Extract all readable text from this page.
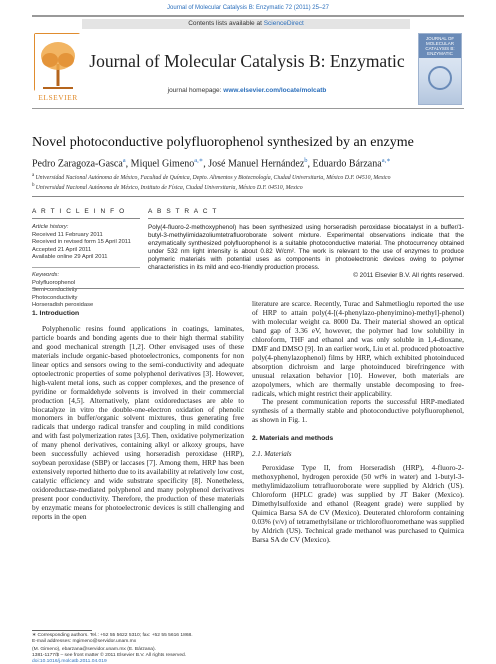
Journal of Molecular Catalysis B: Enzymatic 72 (2011) 25–27
ELSEVIER
Contents lists available at ScienceDirect
Journal of Molecular Catalysis B: Enzymatic
journal homepage: www.elsevier.com/locate/molcatb
JOURNAL OF MOLECULAR CATALYSIS B: ENZYMATIC
Novel photoconductive polyfluorophenol synthesized by an enzyme
Pedro Zaragoza-Gasca$^a$, Miquel Gimeno$^{a,∗}$, José Manuel Hernández$^b$, Eduardo Bárzana$^{a,∗}$
a Universidad Nacional Autónoma de México, Facultad de Química, Depto. Alimentos y Biotecnología, Ciudad Universitaria, México D.F. 04510, Mexico
b Universidad Nacional Autónoma de México, Instituto de Física, Ciudad Universitaria, México D.F. 04510, Mexico
A R T I C L E I N F O	A B S T R A C T
Article history:
Received 11 February 2011
Received in revised form 15 April 2011
Accepted 21 April 2011
Available online 29 April 2011
Keywords:
Polyfluorophenol
Semi-conductivity
Photoconductivity
Horseradish peroxidase
Poly(4-fluoro-2-methoxyphenol) has been synthesized using horseradish peroxidase biocatalyst in a buffer/1-butyl-3-methylimidazoliumtetrafluoroborate solvent mixture. Experimental observations indicate that the enzymatically synthesized polyfluorophenol is a suitable photoconductive material. The photocurrency obtained under 532 nm light intensity is about 0.82 W/cm². The work is relevant to the use of enzymes to produce polymeric materials with potential uses as components in photoelectronic devices owing to polymer characteristics in its mild and eco-friendly production process.
© 2011 Elsevier B.V. All rights reserved.
1. Introduction

Polyphenolic resins found applications in coatings, laminates, particle boards and bonding agents due to their high thermal stability and good mechanical strength [1,2]. Other envisaged uses of these materials include organic-based photoelectronics, components for non linear optics and sensors owing to the semi-conductivity and adequate optoelectronic properties of some polyphenol derivatives [3]. However, high-valent metal ions, such as copper complexes, and the presence of pyridine or formaldehyde solvents is involved in their commercial production [4,5]. Alternatively, plant oxidoreductases are able to biocatalyze in vitro the double-one-electron oxidation of phenolic monomers in buffer/organic solvent mixtures, thus generating free radicals that undergo radical transfer and coupling in mild conditions and with fast polymerization rates [3,6]. Then, oxidative polymerization of many phenol derivatives, containing alkyl or alkoxy groups, have been successfully achieved using horseradish peroxidase (HRP), soybean peroxidase (SBP) or laccases [7]. Among them, HRP has been extensively reported hitherto due to its availability at relatively low cost, catalytic efficiency and wide substrate specificity [8]. Nonetheless, oxidoreductase-mediated polyphenol and many polyphenol derivatives present poor conductivity. Therefore, the production of these materials by enzymatic means for photoelectronic devices is still challenging and reports in the open

literature are scarce. Recently, Turac and Sahmetlioglu reported the use of HRP to attain poly(4-[(4-phenylazo-phenyimino)-methyl]-phenol) with molecular weight ca. 8000 Da. Their material showed an optical band gap of 3.36 eV, however, the polymer had low solubility in chloroform, THF and ethanol and was only soluble in 1,4-dioxane, DMF and DMSO [9]. In an earlier work, Liu et al. produced photoactive poly(4-phenylazophenol) films by HRP, which exhibited photoinduced absorption dichroism and large photoinduced birefringence with unusual relaxation behavior [10]. However, both materials are azopolymers, which are thermally unstable decomposing to free-radicals, which might restrict their applicability.

The present communication reports the successful HRP-mediated synthesis of a thermally stable and photoconductive polyfluorophenol, as shown in Fig. 1.

2. Materials and methods
2.1. Materials

Peroxidase Type II, from Horseradish (HRP), 4-fluoro-2-methoxyphenol, hydrogen peroxide (50 wt% in water) and 1-butyl-3-methylimidazolium tetrafluoroborate were supplied by Aldrich (US). Chloroform (HPLC grade) was supplied by JT Baker (Mexico). Dimethylsulfoxide and ethanol (Reagent grade) were supplied by Quimica Barsa SA de CV (Mexico). Deuterated chloroform containing 0.03% (v/v) of tetramethylsilane or trichlorofluoromethane was supplied by Aldrich (US). Technical grade methanol was purchased to Quimica Barsa SA de CV (Mexico).

∗ Corresponding authors. Tel.: +52 55 5622 5310; fax: +52 55 5616 1868.
E-mail addresses: mgimeno@servidor.unam.mx
(M. Gimeno), ebarzana@servidor.unam.mx (E. Bárzana).
1381-1177/$ – see front matter © 2011 Elsevier B.V. All rights reserved.
doi:10.1016/j.molcatb.2011.04.019
